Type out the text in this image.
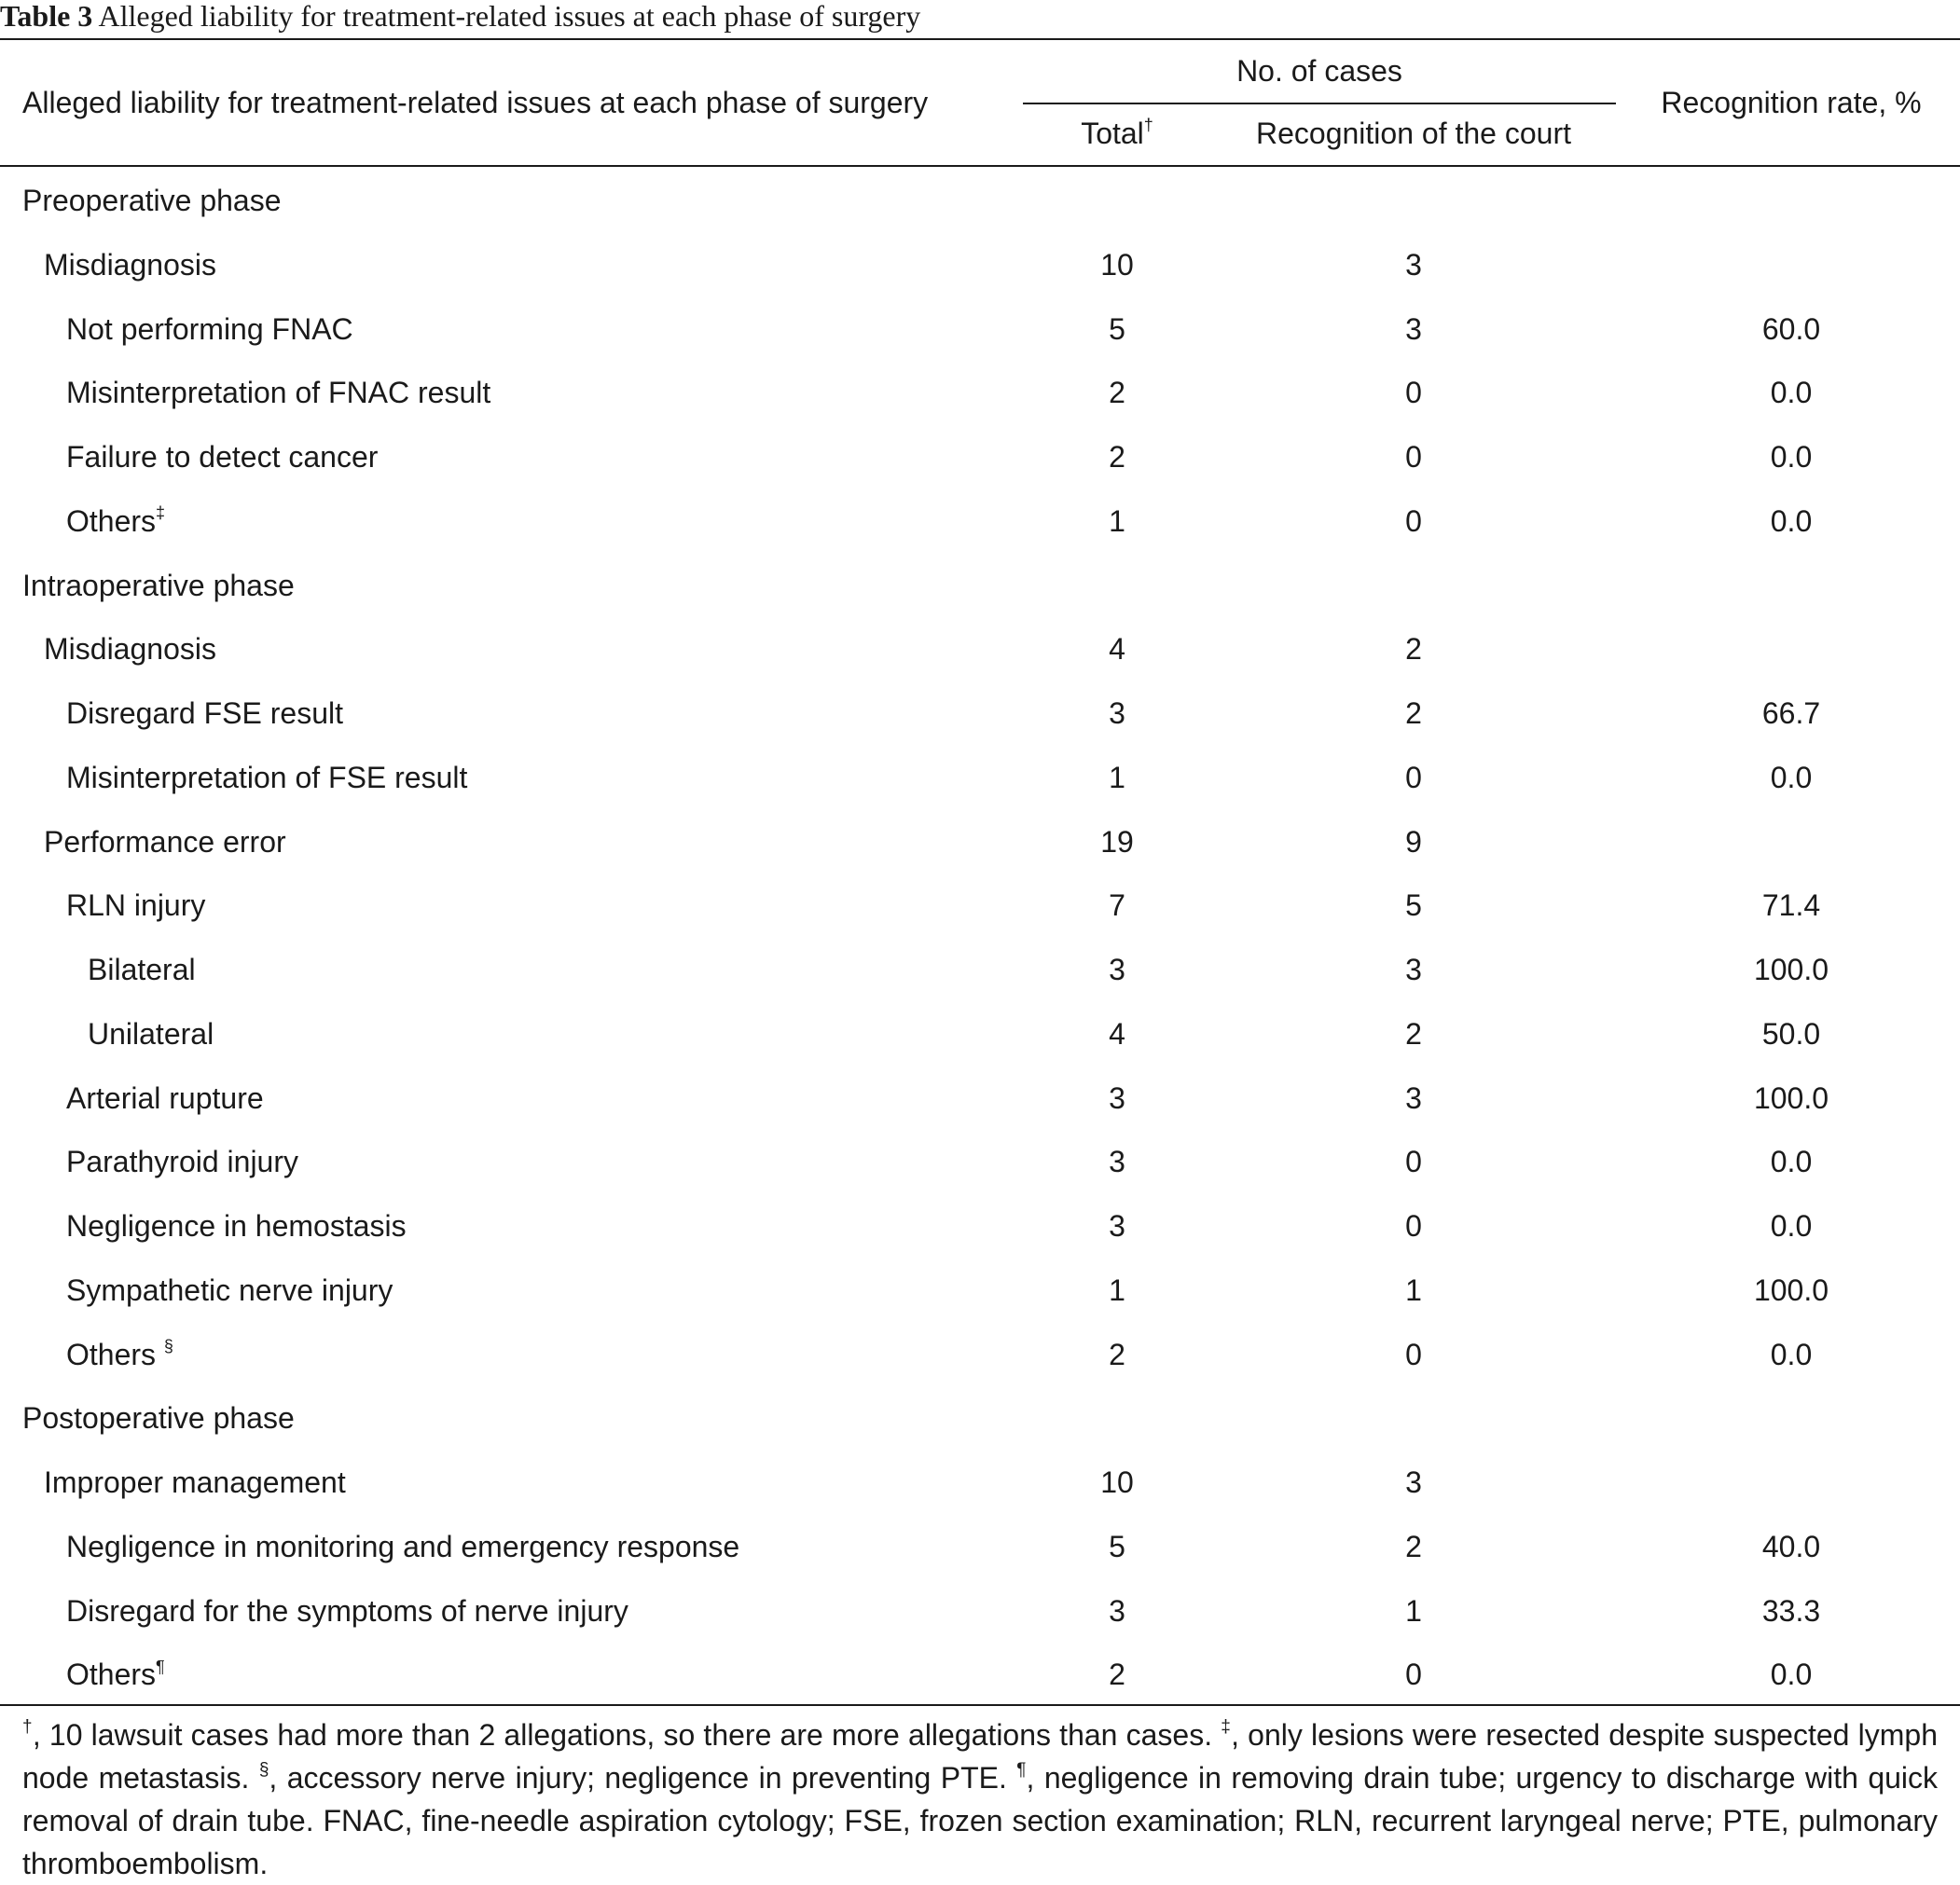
Table 3 Alleged liability for treatment-related issues at each phase of surgery
Alleged liability for treatment-related issues at each phase of surgery
No. of cases
Total†	Recognition of the court
Recognition rate, %
Preoperative phase
Misdiagnosis	10	3
Not performing FNAC	5	3	60.0
Misinterpretation of FNAC result	2	0	0.0
Failure to detect cancer	2	0	0.0
Others‡	1	0	0.0
Intraoperative phase
Misdiagnosis	4	2
Disregard FSE result	3	2	66.7
Misinterpretation of FSE result	1	0	0.0
Performance error	19	9
RLN injury	7	5	71.4
Bilateral	3	3	100.0
Unilateral	4	2	50.0
Arterial rupture	3	3	100.0
Parathyroid injury	3	0	0.0
Negligence in hemostasis	3	0	0.0
Sympathetic nerve injury	1	1	100.0
Others §	2	0	0.0
Postoperative phase
Improper management	10	3
Negligence in monitoring and emergency response	5	2	40.0
Disregard for the symptoms of nerve injury	3	1	33.3
Others¶	2	0	0.0
†, 10 lawsuit cases had more than 2 allegations, so there are more allegations than cases. ‡, only lesions were resected despite suspected lymph node metastasis. §, accessory nerve injury; negligence in preventing PTE. ¶, negligence in removing drain tube; urgency to discharge with quick removal of drain tube. FNAC, fine-needle aspiration cytology; FSE, frozen section examination; RLN, recurrent laryngeal nerve; PTE, pulmonary thromboembolism.
